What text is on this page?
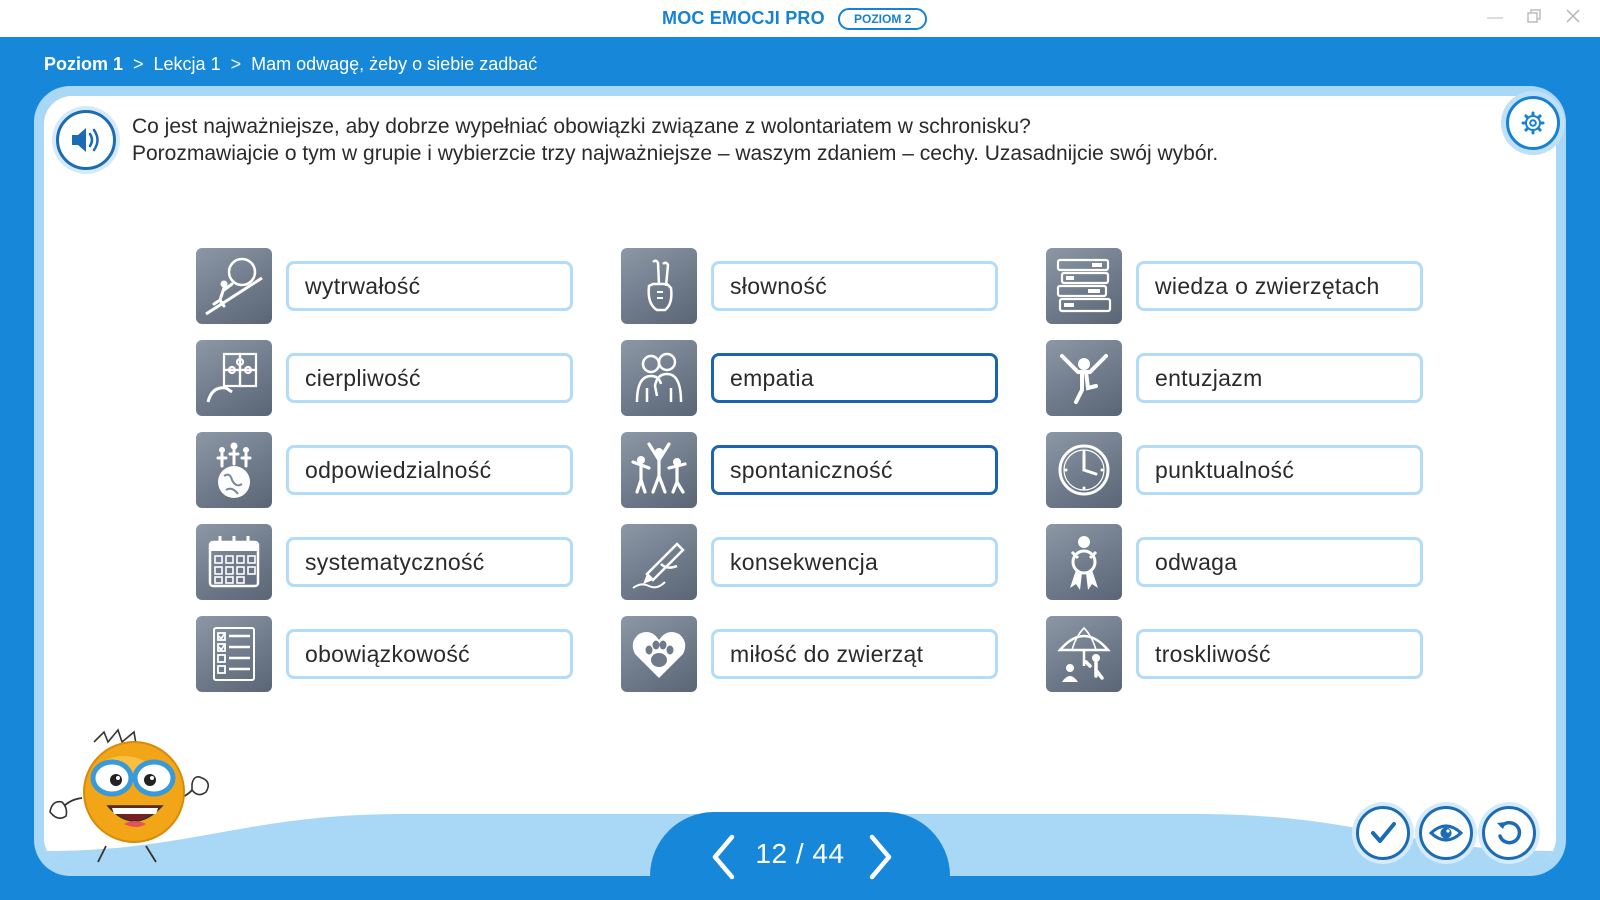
MOC EMOCJI PRO	POZIOM 2	—
Poziom 1 > Lekcja 1 > Mam odwagę, żeby o siebie zadbać
Co jest najważniejsze, aby dobrze wypełniać obowiązki związane z wolontariatem w schronisku?
Porozmawiajcie o tym w grupie i wybierzcie trzy najważniejsze – waszym zdaniem – cechy. Uzasadnijcie swój wybór.
wytrwałość	słowność	wiedza o zwierzętach
cierpliwość	empatia	entuzjazm
odpowiedzialność	spontaniczność	punktualność
systematyczność	konsekwencja	odwaga
obowiązkowość	miłość do zwierząt	troskliwość
12 / 44
